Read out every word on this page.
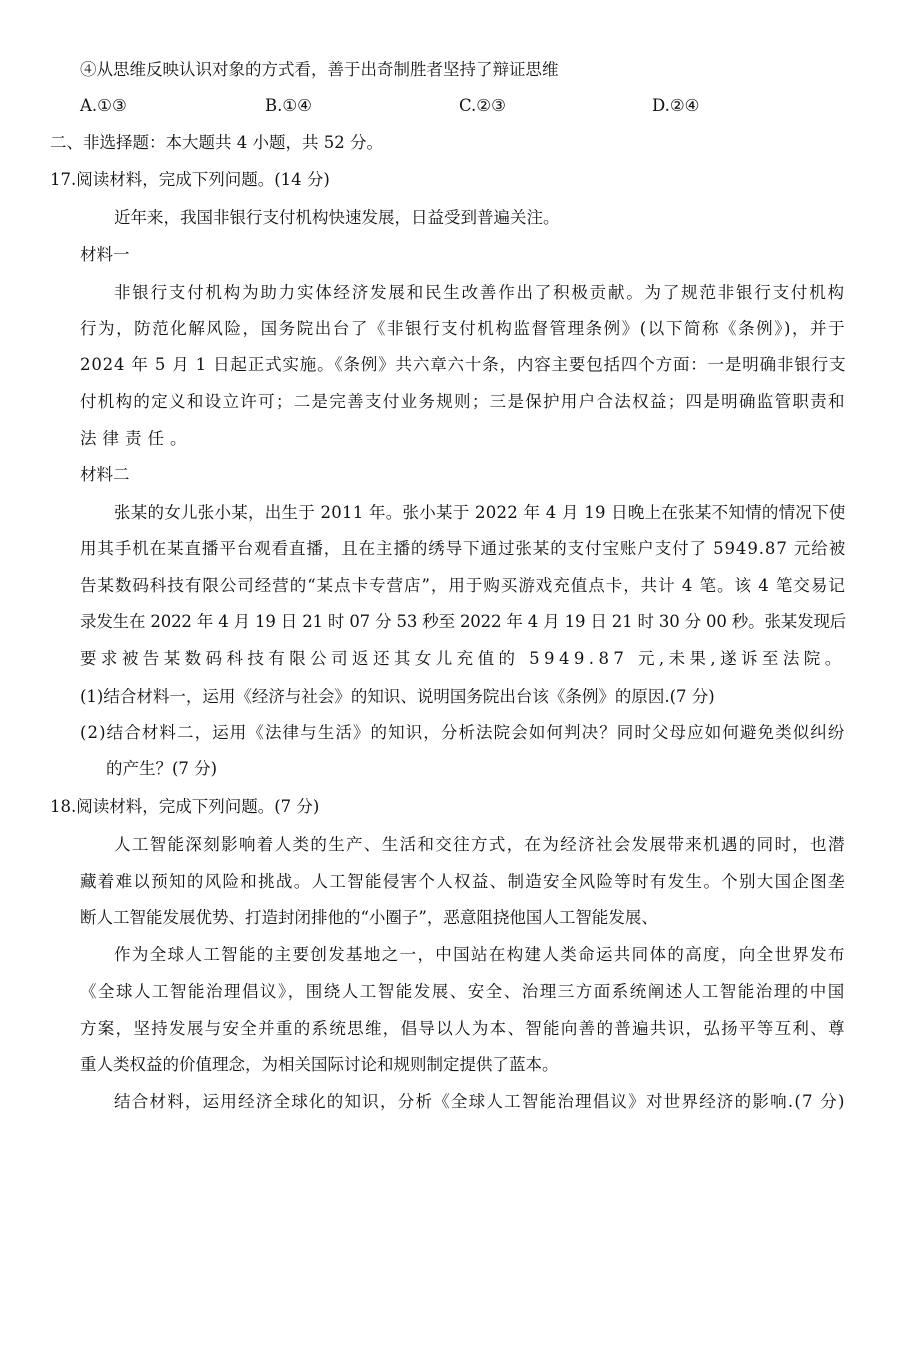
④从思维反映认识对象的方式看，善于出奇制胜者坚持了辩证思维
A.①③	B.①④	C.②③	D.②④
二、非选择题：本大题共 4 小题，共 52 分。
17.阅读材料，完成下列问题。(14 分)
近年来，我国非银行支付机构快速发展，日益受到普遍关注。
材料一
非银行支付机构为助力实体经济发展和民生改善作出了积极贡献。为了规范非银行支付机构
行为，防范化解风险，国务院出台了《非银行支付机构监督管理条例》(以下简称《条例》)，并于
2024 年 5 月 1 日起正式实施。《条例》共六章六十条，内容主要包括四个方面：一是明确非银行支
付机构的定义和设立许可；二是完善支付业务规则；三是保护用户合法权益；四是明确监管职责和
法律责任。
材料二
张某的女儿张小某，出生于 2011 年。张小某于 2022 年 4 月 19 日晚上在张某不知情的情况下使
用其手机在某直播平台观看直播，且在主播的绣导下通过张某的支付宝账户支付了 5949.87 元给被
告某数码科技有限公司经营的“某点卡专营店”，用于购买游戏充值点卡，共计 4 笔。该 4 笔交易记
录发生在 2022 年 4 月 19 日 21 时 07 分 53 秒至 2022 年 4 月 19 日 21 时 30 分 00 秒。张某发现后
要求被告某数码科技有限公司返还其女儿充值的 5949.87 元,未果,遂诉至法院。
(1)结合材料一，运用《经济与社会》的知识、说明国务院出台该《条例》的原因.(7 分)
(2)结合材料二，运用《法律与生活》的知识，分析法院会如何判决？同时父母应如何避免类似纠纷
的产生？(7 分)
18.阅读材料，完成下列问题。(7 分)
人工智能深刻影响着人类的生产、生活和交往方式，在为经济社会发展带来机遇的同时，也潜
藏着难以预知的风险和挑战。人工智能侵害个人权益、制造安全风险等时有发生。个别大国企图垄
断人工智能发展优势、打造封闭排他的“小圈子”，恶意阻挠他国人工智能发展、
作为全球人工智能的主要创发基地之一，中国站在构建人类命运共同体的高度，向全世界发布
《全球人工智能治理倡议》，围绕人工智能发展、安全、治理三方面系统阐述人工智能治理的中国
方案，坚持发展与安全并重的系统思维，倡导以人为本、智能向善的普遍共识，弘扬平等互利、尊
重人类权益的价值理念，为相关国际讨论和规则制定提供了蓝本。
结合材料，运用经济全球化的知识，分析《全球人工智能治理倡议》对世界经济的影响.(7 分)
